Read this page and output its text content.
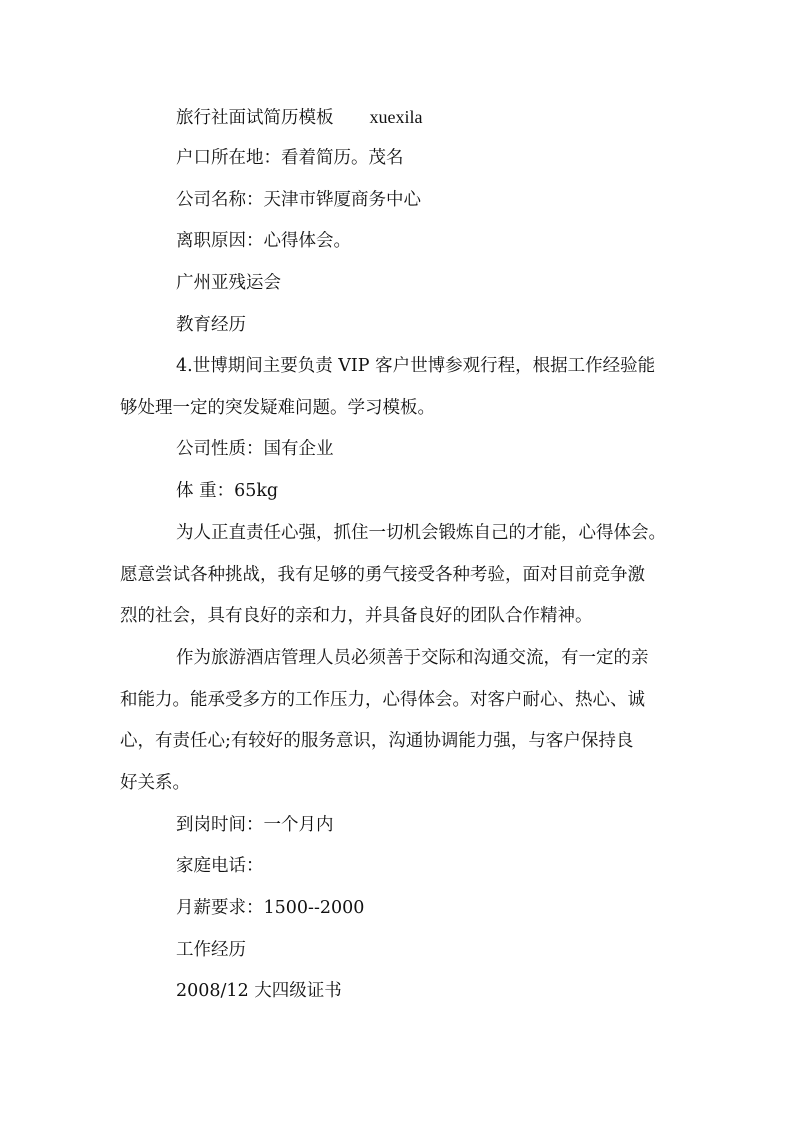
旅行社面试简历模板 xuexila
户口所在地：看着简历。茂名
公司名称：天津市铧厦商务中心
离职原因：心得体会。
广州亚残运会
教育经历
4.世博期间主要负责 VIP 客户世博参观行程，根据工作经验能
够处理一定的突发疑难问题。学习模板。
公司性质：国有企业
体 重：65kg
为人正直责任心强，抓住一切机会锻炼自己的才能，心得体会。
愿意尝试各种挑战，我有足够的勇气接受各种考验，面对目前竞争激
烈的社会，具有良好的亲和力，并具备良好的团队合作精神。
作为旅游酒店管理人员必须善于交际和沟通交流，有一定的亲
和能力。能承受多方的工作压力，心得体会。对客户耐心、热心、诚
心，有责任心;有较好的服务意识，沟通协调能力强，与客户保持良
好关系。
到岗时间：一个月内
家庭电话：
月薪要求：1500--2000
工作经历
2008/12 大四级证书
